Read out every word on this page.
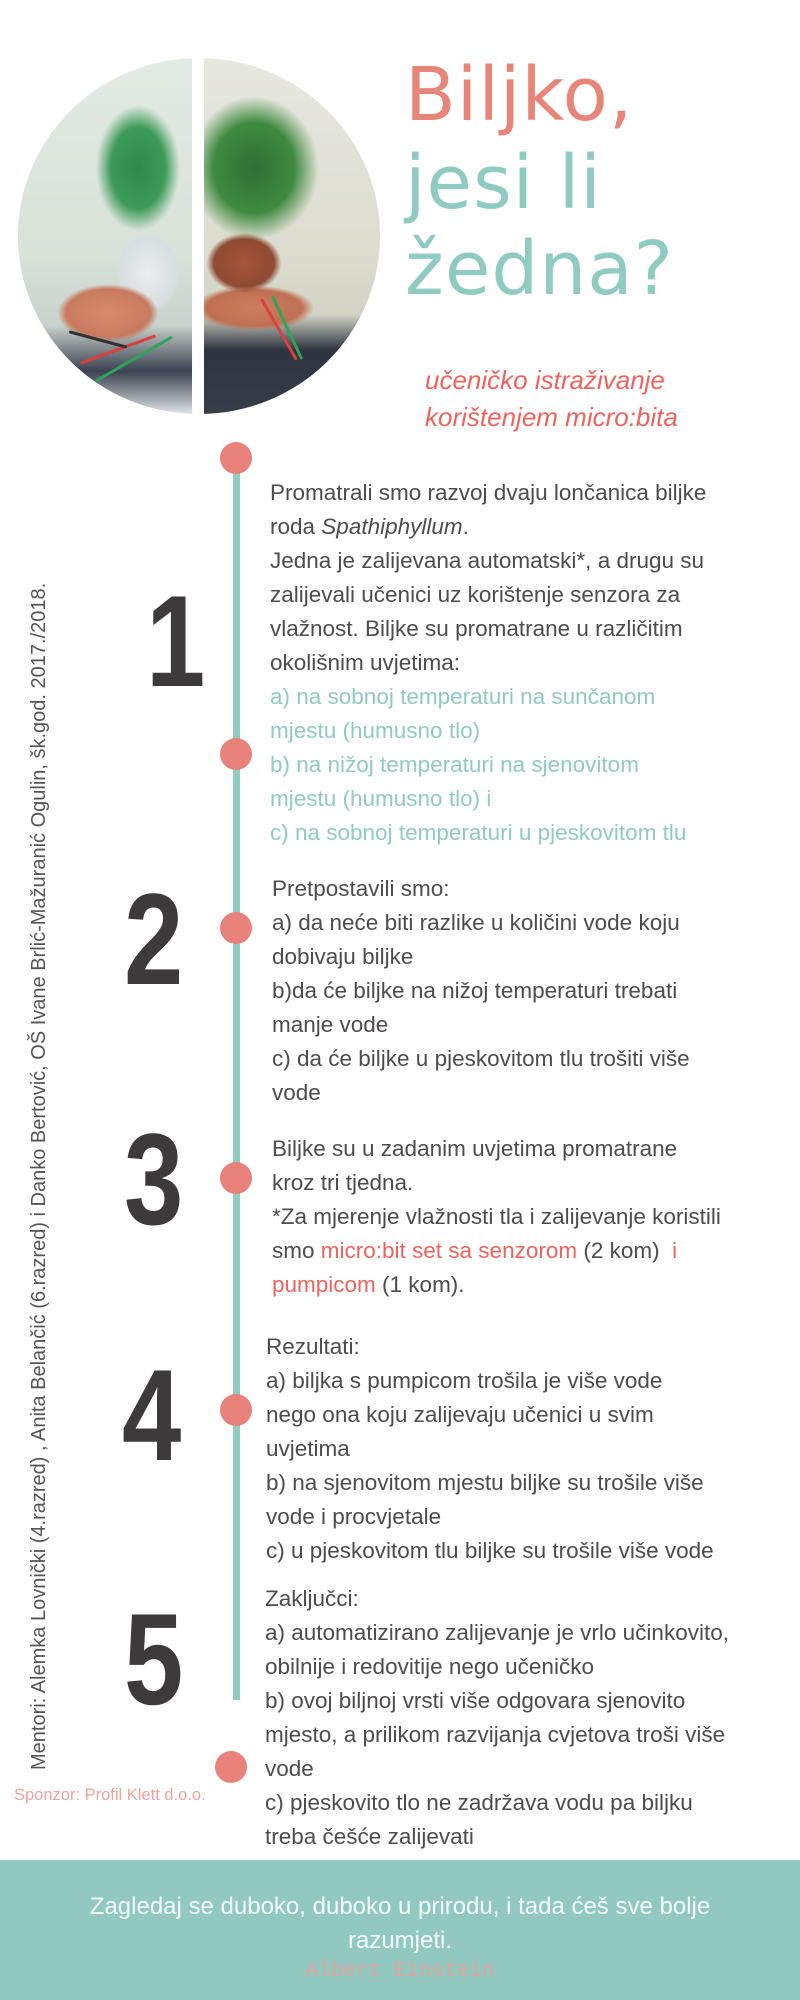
Biljko,
jesi li
žedna?
učeničko istraživanje
korištenjem micro:bita
Mentori: Alemka Lovnički (4.razred) , Anita Belančić (6.razred) i Danko Bertović, OŠ Ivane Brlić-Mažuranić Ogulin, šk.god. 2017./2018.
Sponzor: Profil Klett d.o.o.
1
2
3
4
5
Promatrali smo razvoj dvaju lončanica biljke
roda Spathiphyllum.
Jedna je zalijevana automatski*, a drugu su
zalijevali učenici uz korištenje senzora za
vlažnost. Biljke su promatrane u različitim
okolišnim uvjetima:
a) na sobnoj temperaturi na sunčanom
mjestu (humusno tlo)
b) na nižoj temperaturi na sjenovitom
mjestu (humusno tlo) i
c) na sobnoj temperaturi u pjeskovitom tlu
Pretpostavili smo:
a) da neće biti razlike u količini vode koju
dobivaju biljke
b)da će biljke na nižoj temperaturi trebati
manje vode
c) da će biljke u pjeskovitom tlu trošiti više
vode
Biljke su u zadanim uvjetima promatrane
kroz tri tjedna.
*Za mjerenje vlažnosti tla i zalijevanje koristili
smo micro:bit set sa senzorom (2 kom)  i
pumpicom (1 kom).
Rezultati:
a) biljka s pumpicom trošila je više vode
nego ona koju zalijevaju učenici u svim
uvjetima
b) na sjenovitom mjestu biljke su trošile više
vode i procvjetale
c) u pjeskovitom tlu biljke su trošile više vode
Zaključci:
a) automatizirano zalijevanje je vrlo učinkovito,
obilnije i redovitije nego učeničko
b) ovoj biljnoj vrsti više odgovara sjenovito
mjesto, a prilikom razvijanja cvjetova troši više
vode
c) pjeskovito tlo ne zadržava vodu pa biljku
treba češće zalijevati
Zagledaj se duboko, duboko u prirodu, i tada ćeš sve bolje
razumjeti.
Albert Einstein
